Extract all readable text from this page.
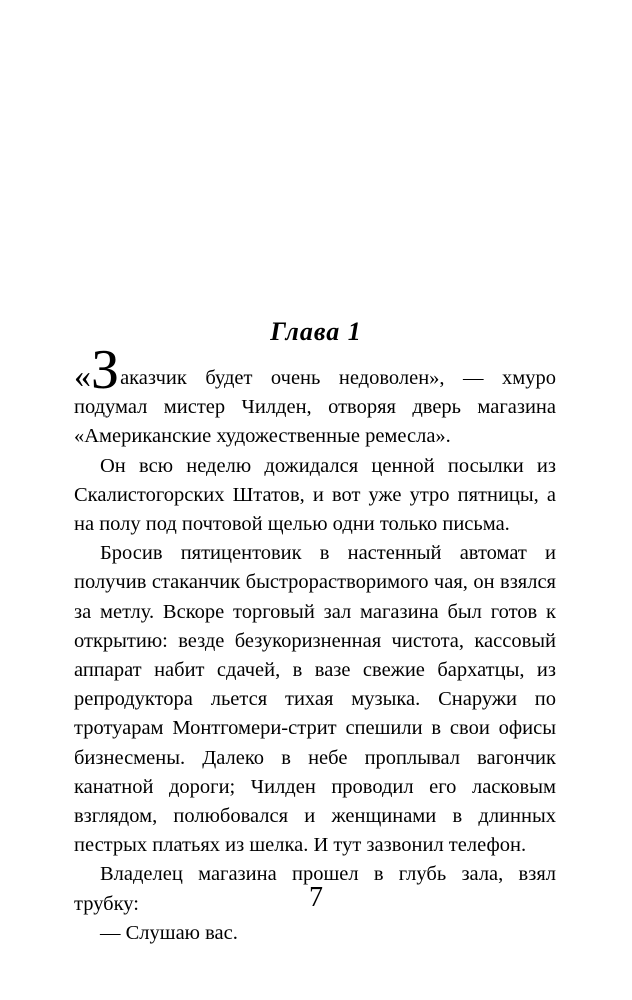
Глава 1

«Заказчик будет очень недоволен», — хмуро подумал мистер Чилден, отворяя дверь магазина «Американские художественные ремесла».

Он всю неделю дожидался ценной посылки из Скалистогорских Штатов, и вот уже утро пятницы, а на полу под почтовой щелью одни только письма.

Бросив пятицентовик в настенный автомат и получив стаканчик быстрорастворимого чая, он взялся за метлу. Вскоре торговый зал магазина был готов к открытию: везде безукоризненная чистота, кассовый аппарат набит сдачей, в вазе свежие бархатцы, из репродуктора льется тихая музыка. Снаружи по тротуарам Монтгомери-стрит спешили в свои офисы бизнесмены. Далеко в небе проплывал вагончик канатной дороги; Чилден проводил его ласковым взглядом, полюбовался и женщинами в длинных пестрых платьях из шелка. И тут зазвонил телефон.

Владелец магазина прошел в глубь зала, взял трубку:

— Слушаю вас.

7
